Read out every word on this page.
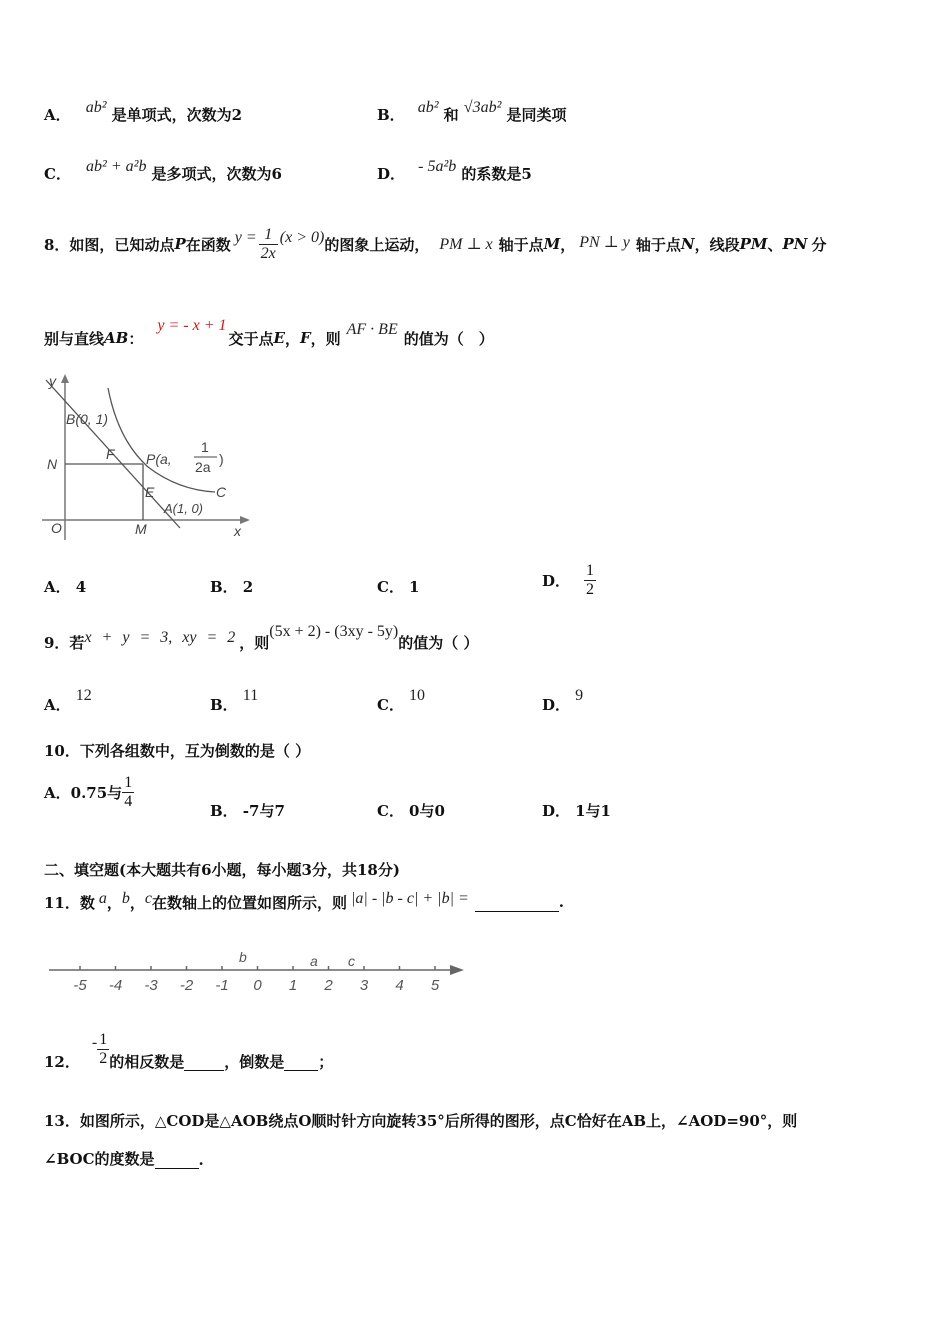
A． ab² 是单项式，次数为2	B． ab² 和 √3ab² 是同类项
C． ab² + a²b 是多项式，次数为6	D． - 5a²b 的系数是5
8．如图，已知动点 P 在函数 $y = \frac{1}{2x} (x > 0)$ 的图象上运动， PM ⊥ x 轴于点 M ， PN ⊥ y 轴于点 N ，线段 PM 、 PN 分
别与直线 AB ：
y = - x + 1
交于点 E ， F ，则 AF · BE 的值为（　）
y
B(0, 1)
N
F P(a,
1
2a )
E	C
A(1, 0)
O	M	x
A． 4	B． 2	C． 1	D． $\frac{1}{2}$
9．若 x + y = 3, xy = 2 ，则
(5x + 2) - (3xy - 5y)
的值为（ ）
A． 12
B． 11
C． 10
D． 9
10．下列各组数中，互为倒数的是（ ）
A． 0.75与 $\frac{1}{4}$	B． -7与7	C． 0与0	D． 1与1
二、填空题(本大题共有6小题，每小题3分，共18分)
11．数 a ， b ， c 在数轴上的位置如图所示，则 |a| - |b - c| + |b| =	.
-5 -4 -3 -2 -1 0 1 2 3 4 5
b	a c
12．
- $\frac{1}{2}$ 的相反数是	，倒数是 ；
13．如图所示，△COD是△AOB绕点O顺时针方向旋转35°后所得的图形，点C恰好在AB上，∠AOD=90°，则
∠BOC的度数是	.
